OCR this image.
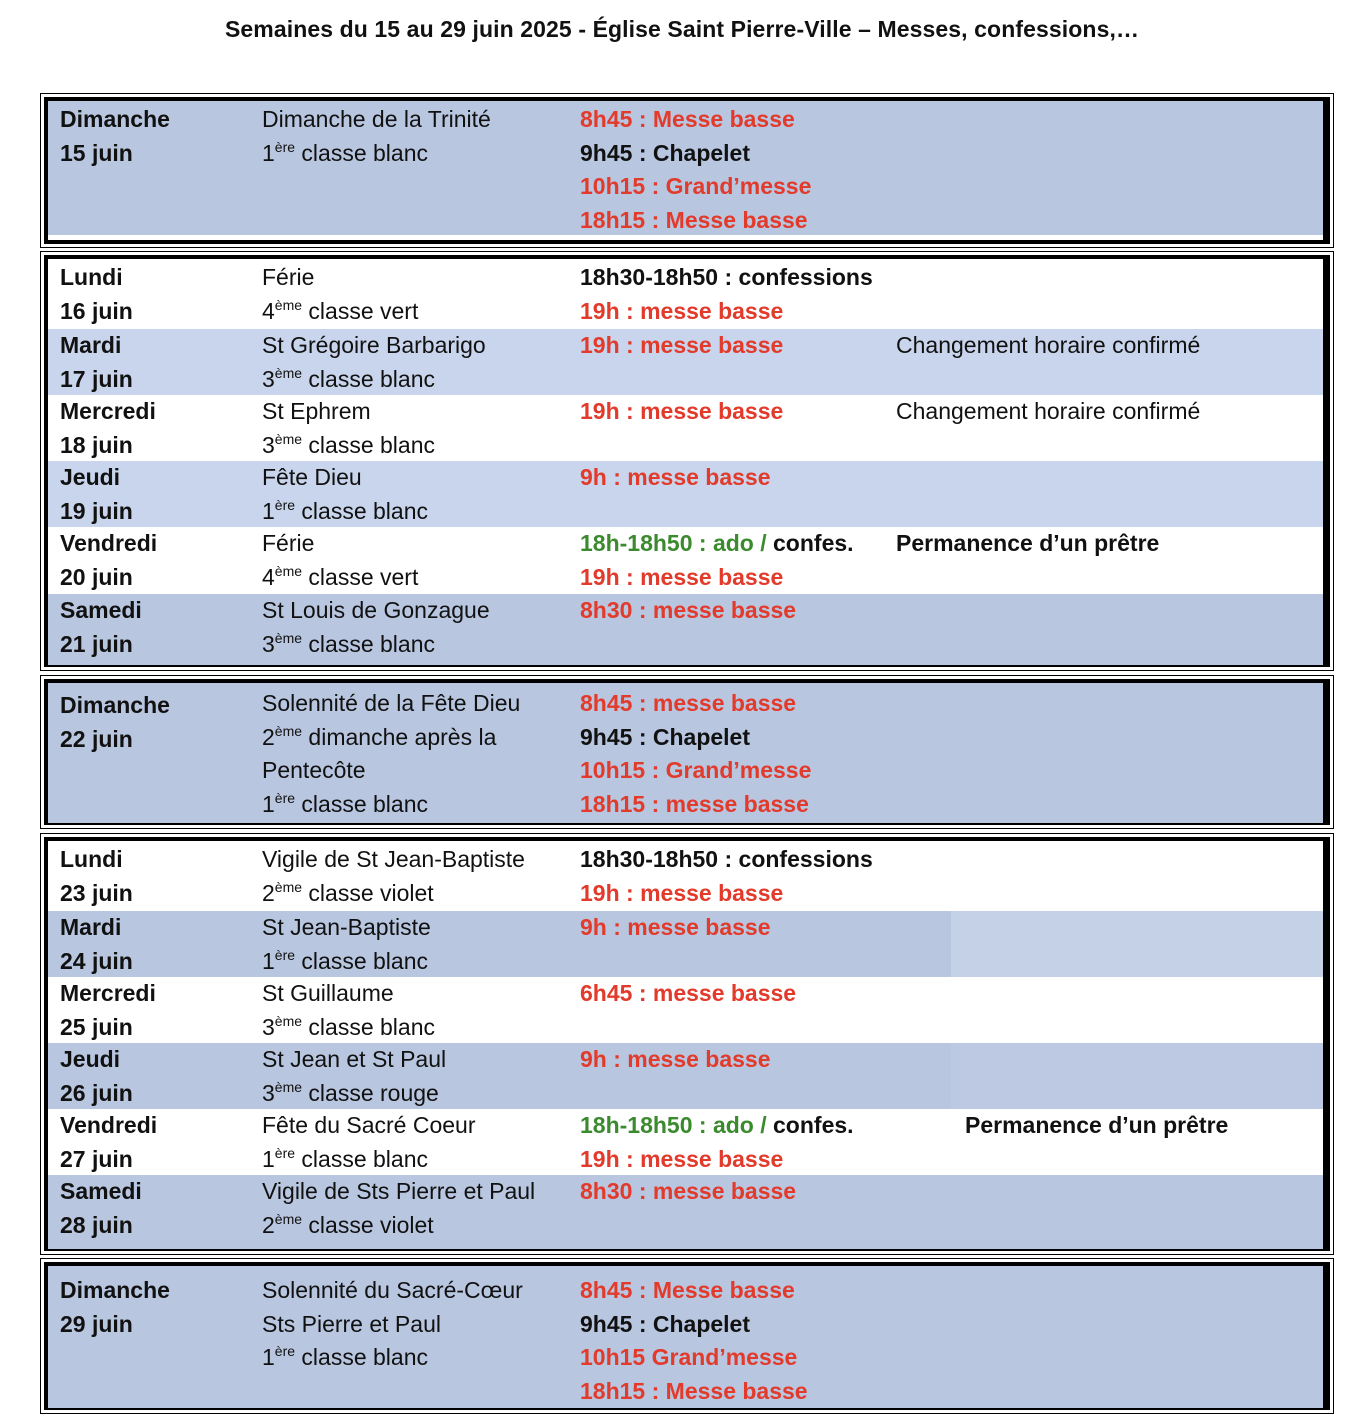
Semaines du 15 au 29 juin 2025 - Église Saint Pierre-Ville – Messes, confessions,…
Dimanche
15 juin
Dimanche de la Trinité
1ère classe blanc
8h45 : Messe basse
9h45 : Chapelet
10h15 : Grand’messe
18h15 : Messe basse
Lundi
16 juin
Férie
4ème classe vert
18h30-18h50 : confessions
19h : messe basse
Mardi
17 juin
St Grégoire Barbarigo
3ème classe blanc
19h : messe basse	Changement horaire confirmé
Mercredi
18 juin
St Ephrem
3ème classe blanc
19h : messe basse	Changement horaire confirmé
Jeudi
19 juin
Fête Dieu
1ère classe blanc
9h : messe basse
Vendredi
20 juin
Férie
4ème classe vert
18h-18h50 : ado / confes.
19h : messe basse
Permanence d’un prêtre
Samedi
21 juin
St Louis de Gonzague
3ème classe blanc
8h30 : messe basse
Dimanche
22 juin
Solennité de la Fête Dieu
2ème dimanche après la
Pentecôte
1ère classe blanc
8h45 : messe basse
9h45 : Chapelet
10h15 : Grand’messe
18h15 : messe basse
Lundi
23 juin
Vigile de St Jean-Baptiste
2ème classe violet
18h30-18h50 : confessions
19h : messe basse
Mardi
24 juin
St Jean-Baptiste
1ère classe blanc
9h : messe basse
Mercredi
25 juin
St Guillaume
3ème classe blanc
6h45 : messe basse
Jeudi
26 juin
St Jean et St Paul
3ème classe rouge
9h : messe basse
Vendredi
27 juin
Fête du Sacré Coeur
1ère classe blanc
18h-18h50 : ado / confes.
19h : messe basse
Permanence d’un prêtre
Samedi
28 juin
Vigile de Sts Pierre et Paul
2ème classe violet
8h30 : messe basse
Dimanche
29 juin
Solennité du Sacré-Cœur
Sts Pierre et Paul
1ère classe blanc
8h45 : Messe basse
9h45 : Chapelet
10h15 Grand’messe
18h15 : Messe basse
